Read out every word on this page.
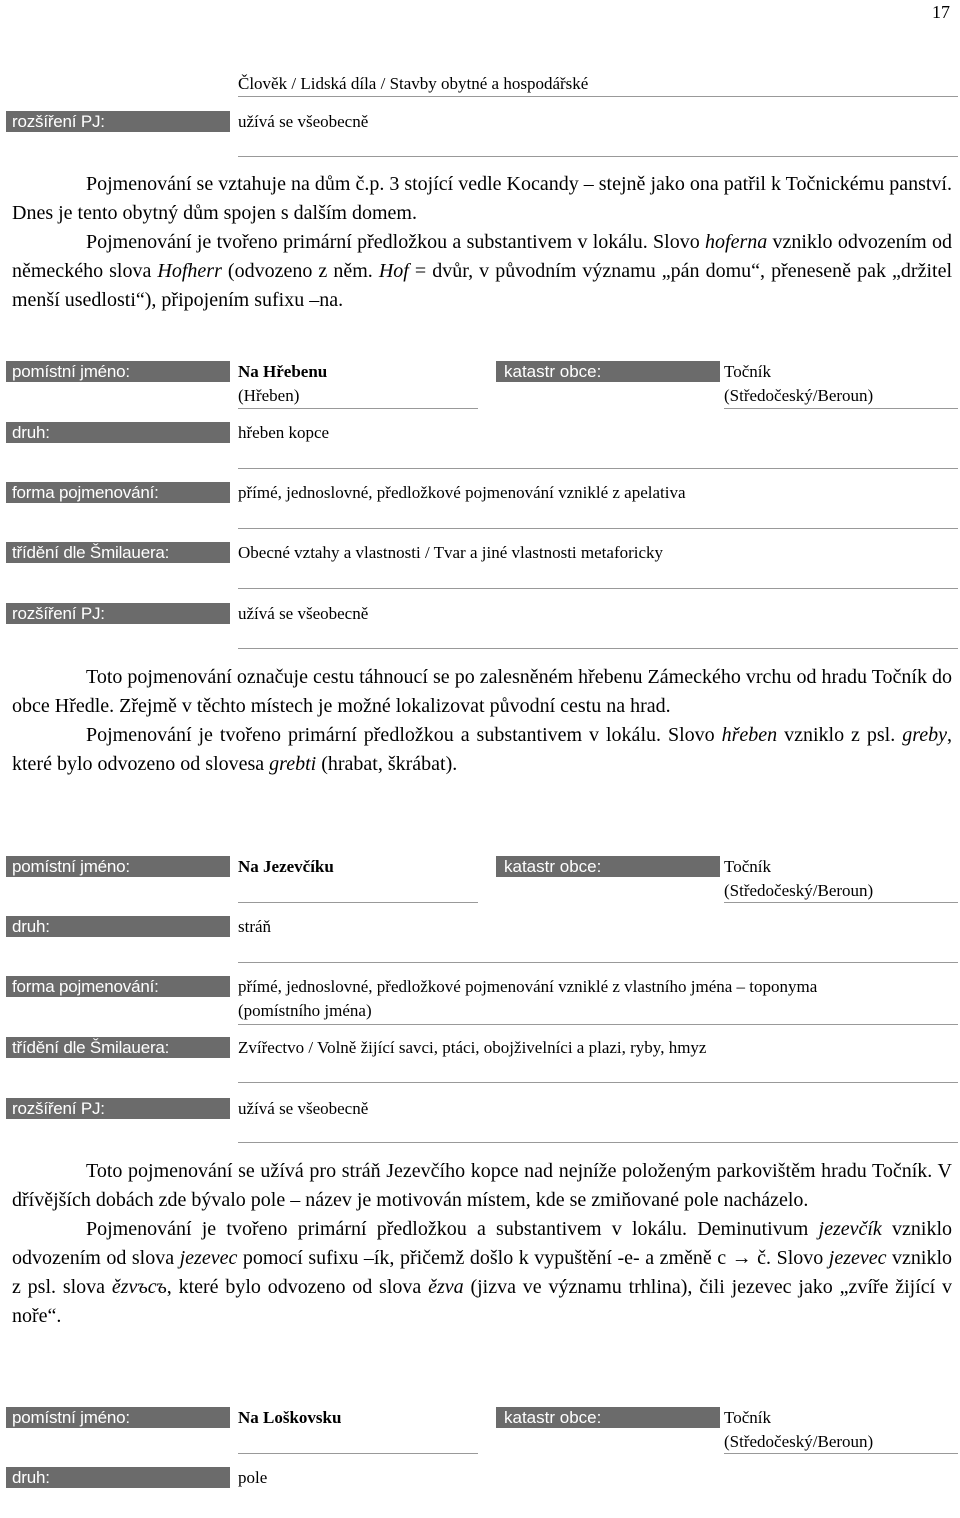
17
Člověk / Lidská díla / Stavby obytné a hospodářské
rozšíření PJ:	užívá se všeobecně

Pojmenování se vztahuje na dům č.p. 3 stojící vedle Kocandy – stejně jako ona patřil k Točnickému panství. Dnes je tento obytný dům spojen s dalším domem.

Pojmenování je tvořeno primární předložkou a substantivem v lokálu. Slovo hoferna vzniklo odvozením od německého slova Hofherr (odvozeno z něm. Hof = dvůr, v původním významu „pán domu“, přeneseně pak „držitel menší usedlosti“), připojením sufixu –na.

pomístní jméno:	Na Hřebenu
(Hřeben)
katastr obce:	Točník
(Středočeský/Beroun)
druh:	hřeben kopce
forma pojmenování:	přímé, jednoslovné, předložkové pojmenování vzniklé z apelativa
třídění dle Šmilauera:	Obecné vztahy a vlastnosti / Tvar a jiné vlastnosti metaforicky
rozšíření PJ:	užívá se všeobecně

Toto pojmenování označuje cestu táhnoucí se po zalesněném hřebenu Zámeckého vrchu od hradu Točník do obce Hředle. Zřejmě v těchto místech je možné lokalizovat původní cestu na hrad.

Pojmenování je tvořeno primární předložkou a substantivem v lokálu. Slovo hřeben vzniklo z psl. greby, které bylo odvozeno od slovesa grebti (hrabat, škrábat).

pomístní jméno:	Na Jezevčíku	katastr obce:	Točník
(Středočeský/Beroun)
druh:	stráň
forma pojmenování:	přímé, jednoslovné, předložkové pojmenování vzniklé z vlastního jména – toponyma
(pomístního jména)
třídění dle Šmilauera:	Zvířectvo / Volně žijící savci, ptáci, obojživelníci a plazi, ryby, hmyz
rozšíření PJ:	užívá se všeobecně

Toto pojmenování se užívá pro stráň Jezevčího kopce nad nejníže položeným parkovištěm hradu Točník. V dřívějších dobách zde bývalo pole – název je motivován místem, kde se zmiňované pole nacházelo.

Pojmenování je tvořeno primární předložkou a substantivem v lokálu. Deminutivum jezevčík vzniklo odvozením od slova jezevec pomocí sufixu –ík, přičemž došlo k vypuštění -e- a změně c → č. Slovo jezevec vzniklo z psl. slova ězvъсъ, které bylo odvozeno od slova ězva (jizva ve významu trhlina), čili jezevec jako „zvíře žijící v noře“.

pomístní jméno:	Na Loškovsku	katastr obce:	Točník
(Středočeský/Beroun)
druh:	pole
